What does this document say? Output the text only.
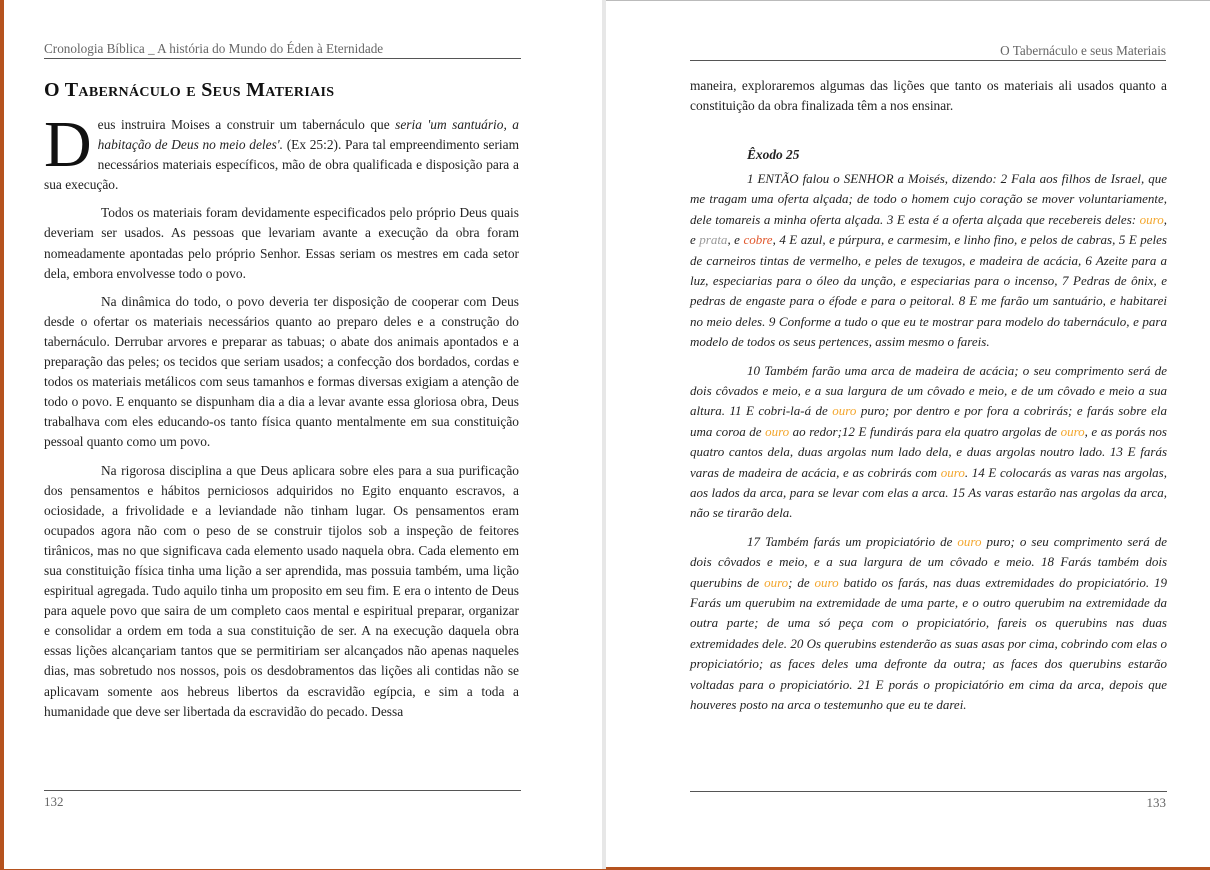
Cronologia Bíblica _ A história do Mundo do Éden à Eternidade
O Tabernáculo e Seus Materiais

Deus instruira Moises a construir um tabernáculo que seria 'um santuário, a habitação de Deus no meio deles'. (Ex 25:2). Para tal empreendimento seriam necessários materiais específicos, mão de obra qualificada e disposição para a sua execução.

Todos os materiais foram devidamente especificados pelo próprio Deus quais deveriam ser usados. As pessoas que levariam avante a execução da obra foram nomeadamente apontadas pelo próprio Senhor. Essas seriam os mestres em cada setor dela, embora envolvesse todo o povo.

Na dinâmica do todo, o povo deveria ter disposição de cooperar com Deus desde o ofertar os materiais necessários quanto ao preparo deles e a construção do tabernáculo. Derrubar arvores e preparar as tabuas; o abate dos animais apontados e a preparação das peles; os tecidos que seriam usados; a confecção dos bordados, cordas e todos os materiais metálicos com seus tamanhos e formas diversas exigiam a atenção de todo o povo. E enquanto se dispunham dia a dia a levar avante essa gloriosa obra, Deus trabalhava com eles educando-os tanto física quanto mentalmente em sua constituição pessoal quanto como um povo.

Na rigorosa disciplina a que Deus aplicara sobre eles para a sua purificação dos pensamentos e hábitos perniciosos adquiridos no Egito enquanto escravos, a ociosidade, a frivolidade e a leviandade não tinham lugar. Os pensamentos eram ocupados agora não com o peso de se construir tijolos sob a inspeção de feitores tirânicos, mas no que significava cada elemento usado naquela obra. Cada elemento em sua constituição física tinha uma lição a ser aprendida, mas possuia também, uma lição espiritual agregada. Tudo aquilo tinha um proposito em seu fim. E era o intento de Deus para aquele povo que saira de um completo caos mental e espiritual preparar, organizar e consolidar a ordem em toda a sua constituição de ser. A na execução daquela obra essas lições alcançariam tantos que se permitiriam ser alcançados não apenas naqueles dias, mas sobretudo nos nossos, pois os desdobramentos das lições ali contidas não se aplicavam somente aos hebreus libertos da escravidão egípcia, e sim a toda a humanidade que deve ser libertada da escravidão do pecado. Dessa

132
O Tabernáculo e seus Materiais

maneira, exploraremos algumas das lições que tanto os materiais ali usados quanto a constituição da obra finalizada têm a nos ensinar.

Êxodo 25

1 ENTÃO falou o SENHOR a Moisés, dizendo: 2 Fala aos filhos de Israel, que me tragam uma oferta alçada; de todo o homem cujo coração se mover voluntariamente, dele tomareis a minha oferta alçada. 3 E esta é a oferta alçada que recebereis deles: ouro, e prata, e cobre, 4 E azul, e púrpura, e carmesim, e linho fino, e pelos de cabras, 5 E peles de carneiros tintas de vermelho, e peles de texugos, e madeira de acácia, 6 Azeite para a luz, especiarias para o óleo da unção, e especiarias para o incenso, 7 Pedras de ônix, e pedras de engaste para o éfode e para o peitoral. 8 E me farão um santuário, e habitarei no meio deles. 9 Conforme a tudo o que eu te mostrar para modelo do tabernáculo, e para modelo de todos os seus pertences, assim mesmo o fareis.

10 Também farão uma arca de madeira de acácia; o seu comprimento será de dois côvados e meio, e a sua largura de um côvado e meio, e de um côvado e meio a sua altura. 11 E cobri-la-á de ouro puro; por dentro e por fora a cobrirás; e farás sobre ela uma coroa de ouro ao redor;12 E fundirás para ela quatro argolas de ouro, e as porás nos quatro cantos dela, duas argolas num lado dela, e duas argolas noutro lado. 13 E farás varas de madeira de acácia, e as cobrirás com ouro. 14 E colocarás as varas nas argolas, aos lados da arca, para se levar com elas a arca. 15 As varas estarão nas argolas da arca, não se tirarão dela.

17 Também farás um propiciatório de ouro puro; o seu comprimento será de dois côvados e meio, e a sua largura de um côvado e meio. 18 Farás também dois querubins de ouro; de ouro batido os farás, nas duas extremidades do propiciatório. 19 Farás um querubim na extremidade de uma parte, e o outro querubim na extremidade da outra parte; de uma só peça com o propiciatório, fareis os querubins nas duas extremidades dele. 20 Os querubins estenderão as suas asas por cima, cobrindo com elas o propiciatório; as faces deles uma defronte da outra; as faces dos querubins estarão voltadas para o propiciatório. 21 E porás o propiciatório em cima da arca, depois que houveres posto na arca o testemunho que eu te darei.

133
